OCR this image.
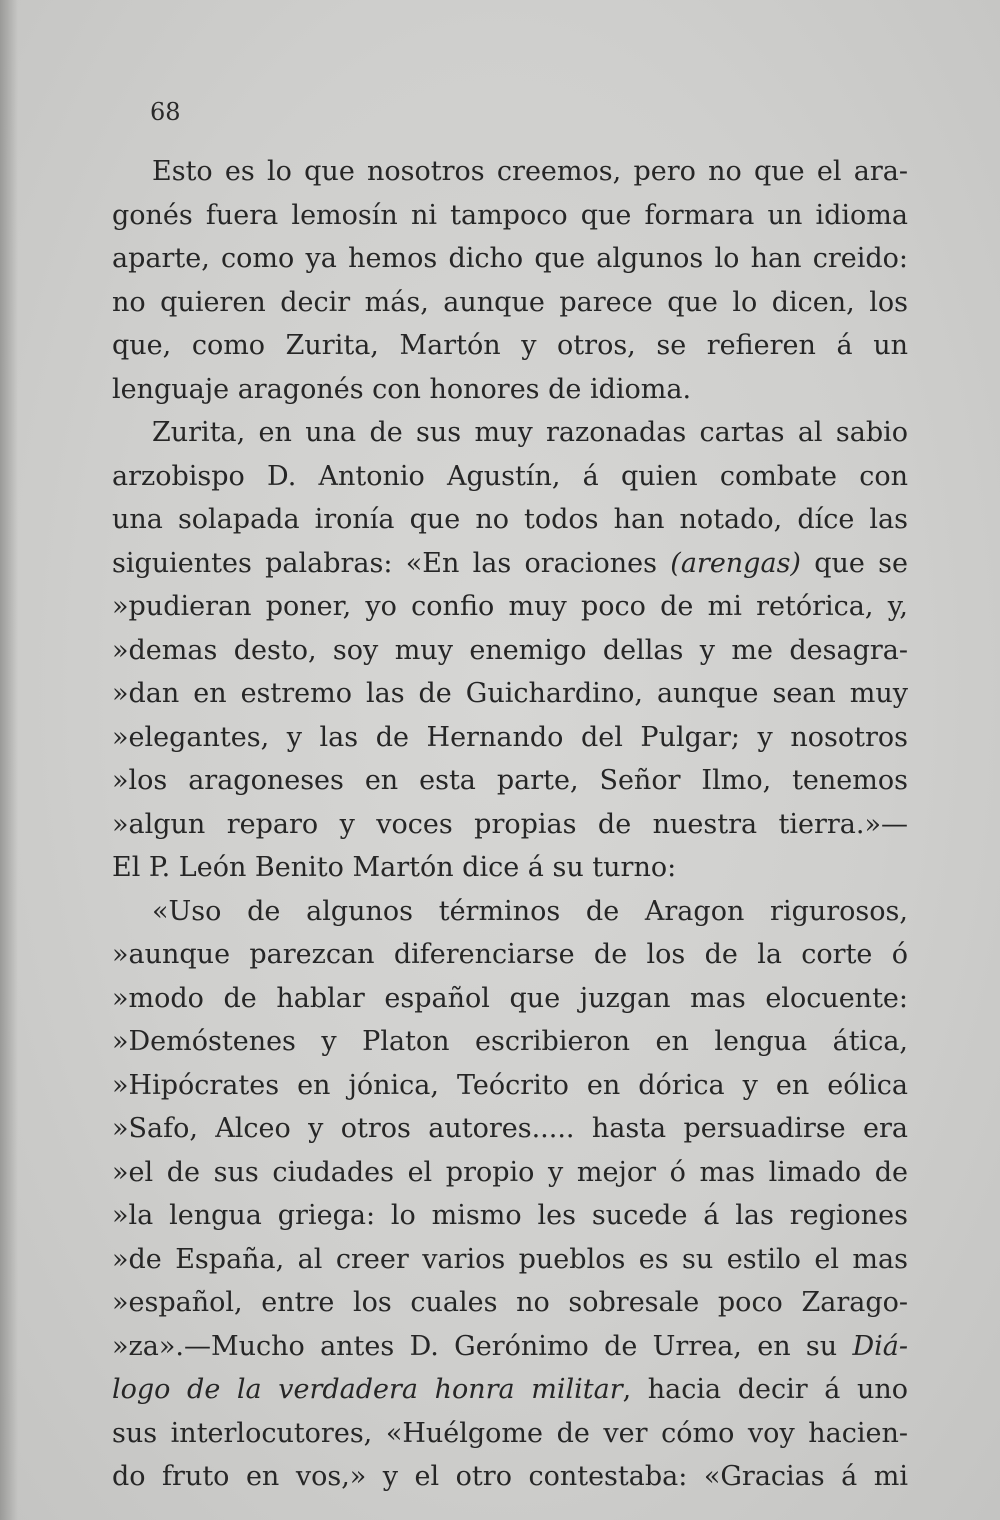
68
Esto es lo que nosotros creemos, pero no que el ara-
gonés fuera lemosín ni tampoco que formara un idioma
aparte, como ya hemos dicho que algunos lo han creido:
no quieren decir más, aunque parece que lo dicen, los
que, como Zurita, Martón y otros, se refieren á un
lenguaje aragonés con honores de idioma.
Zurita, en una de sus muy razonadas cartas al sabio
arzobispo D. Antonio Agustín, á quien combate con
una solapada ironía que no todos han notado, díce las
siguientes palabras: «En las oraciones (arengas) que se
»pudieran poner, yo confio muy poco de mi retórica, y,
»demas desto, soy muy enemigo dellas y me desagra-
»dan en estremo las de Guichardino, aunque sean muy
»elegantes, y las de Hernando del Pulgar; y nosotros
»los aragoneses en esta parte, Señor Ilmo, tenemos
»algun reparo y voces propias de nuestra tierra.»—
El P. León Benito Martón dice á su turno:
«Uso de algunos términos de Aragon rigurosos,
»aunque parezcan diferenciarse de los de la corte ó
»modo de hablar español que juzgan mas elocuente:
»Demóstenes y Platon escribieron en lengua ática,
»Hipócrates en jónica, Teócrito en dórica y en eólica
»Safo, Alceo y otros autores..... hasta persuadirse era
»el de sus ciudades el propio y mejor ó mas limado de
»la lengua griega: lo mismo les sucede á las regiones
»de España, al creer varios pueblos es su estilo el mas
»español, entre los cuales no sobresale poco Zarago-
»za».—Mucho antes D. Gerónimo de Urrea, en su Diá-
logo de la verdadera honra militar, hacia decir á uno
sus interlocutores, «Huélgome de ver cómo voy hacien-
do fruto en vos,» y el otro contestaba: «Gracias á mi
